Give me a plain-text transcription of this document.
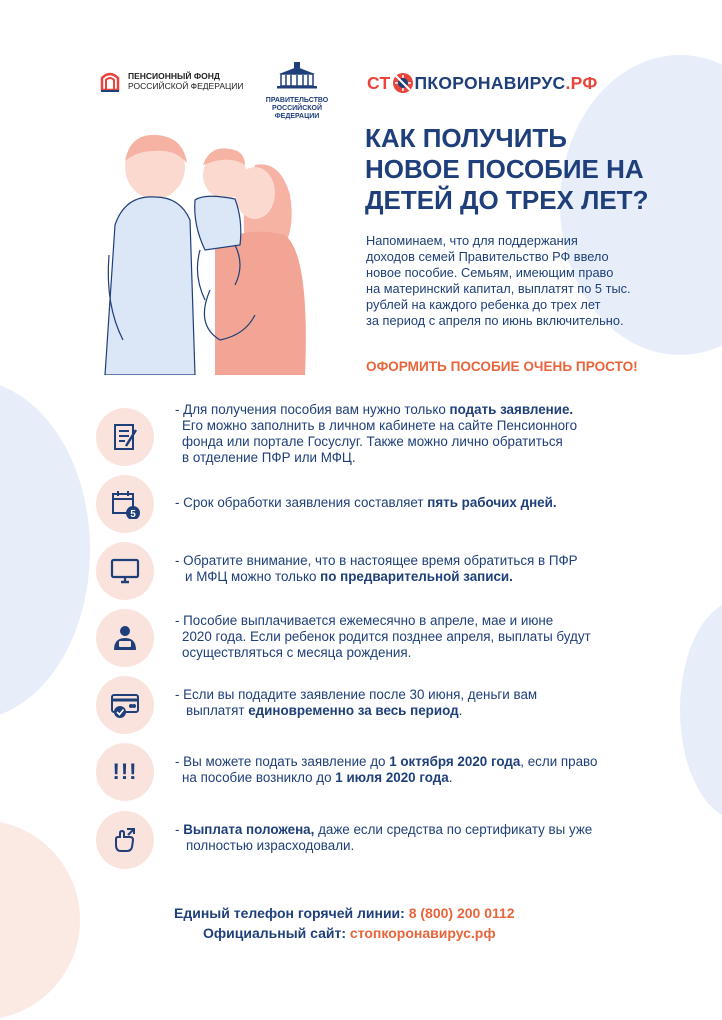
ПЕНСИОННЫЙ ФОНД
РОССИЙСКОЙ ФЕДЕРАЦИИ
ПРАВИТЕЛЬСТВО
РОССИЙСКОЙ
ФЕДЕРАЦИИ
СТ ПКОРОНАВИРУС .РФ
КАК ПОЛУЧИТЬ
НОВОЕ ПОСОБИЕ НА
ДЕТЕЙ ДО ТРЕХ ЛЕТ?
Напоминаем, что для поддержания
доходов семей Правительство РФ ввело
новое пособие. Семьям, имеющим право
на материнский капитал, выплатят по 5 тыс.
рублей на каждого ребенка до трех лет
за период с апреля по июнь включительно.
ОФОРМИТЬ ПОСОБИЕ ОЧЕНЬ ПРОСТО!
- Для получения пособия вам нужно только подать заявление.
Его можно заполнить в личном кабинете на сайте Пенсионного
фонда или портале Госуслуг. Также можно лично обратиться
в отделение ПФР или МФЦ.
5
- Срок обработки заявления составляет пять рабочих дней.
- Обратите внимание, что в настоящее время обратиться в ПФР
и МФЦ можно только по предварительной записи.
- Пособие выплачивается ежемесячно в апреле, мае и июне
2020 года. Если ребенок родится позднее апреля, выплаты будут
осуществляться с месяца рождения.
- Если вы подадите заявление после 30 июня, деньги вам
выплатят единовременно за весь период.
!!!	- Вы можете подать заявление до 1 октября 2020 года, если право
на пособие возникло до 1 июля 2020 года.
- Выплата положена, даже если средства по сертификату вы уже
полностью израсходовали.
Единый телефон горячей линии: 8 (800) 200 0112
Официальный сайт: стопкоронавирус.рф
